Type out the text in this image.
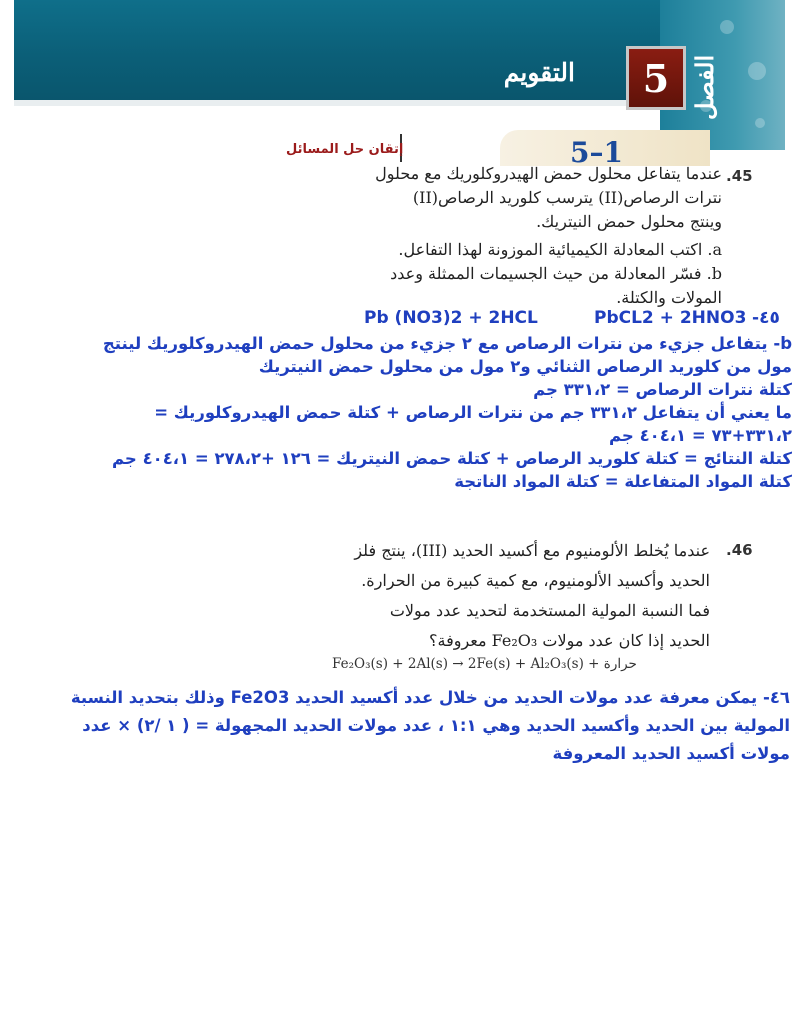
التقويم	5 الفصل
5–1
إتقان حل المسائل
.45
عندما يتفاعل محلول حمض الهيدروكلوريك مع محلول
نترات الرصاص(II) يترسب كلوريد الرصاص(II)
وينتج محلول حمض النيتريك.
a. اكتب المعادلة الكيميائية الموزونة لهذا التفاعل.
b. فسّر المعادلة من حيث الجسيمات الممثلة وعدد
المولات والكتلة.
-٤٥
PbCL2 + 2HNO3
Pb (NO3)2 + 2HCL
b- يتفاعل جزيء من نترات الرصاص مع ٢ جزيء من محلول حمض الهيدروكلوريك لينتج
مول من كلوريد الرصاص الثنائي و٢ مول من محلول حمض النيتريك
كتلة نترات الرصاص = ٣٣١،٢ جم
ما يعني أن يتفاعل ٣٣١،٢ جم من نترات الرصاص + كتلة حمض الهيدروكلوريك =
٣٣١،٢+٧٣ = ٤٠٤،١ جم
كتلة النتائج = كتلة كلوريد الرصاص + كتلة حمض النيتريك = ١٢٦ +٢٧٨،٢ = ٤٠٤،١ جم
كتلة المواد المتفاعلة = كتلة المواد الناتجة
.46
عندما يُخلط الألومنيوم مع أكسيد الحديد (III)، ينتج فلز
الحديد وأكسيد الألومنيوم، مع كمية كبيرة من الحرارة.
فما النسبة المولية المستخدمة لتحديد عدد مولات
الحديد إذا كان عدد مولات Fe₂O₃ معروفة؟
Fe₂O₃(s) + 2Al(s) → 2Fe(s) + Al₂O₃(s) + حرارة
٤٦- يمكن معرفة عدد مولات الحديد من خلال عدد أكسيد الحديد Fe2O3 وذلك بتحديد النسبة
المولية بين الحديد وأكسيد الحديد وهي ١:١ ، عدد مولات الحديد المجهولة = ( ١ /٢) × عدد
مولات أكسيد الحديد المعروفة
